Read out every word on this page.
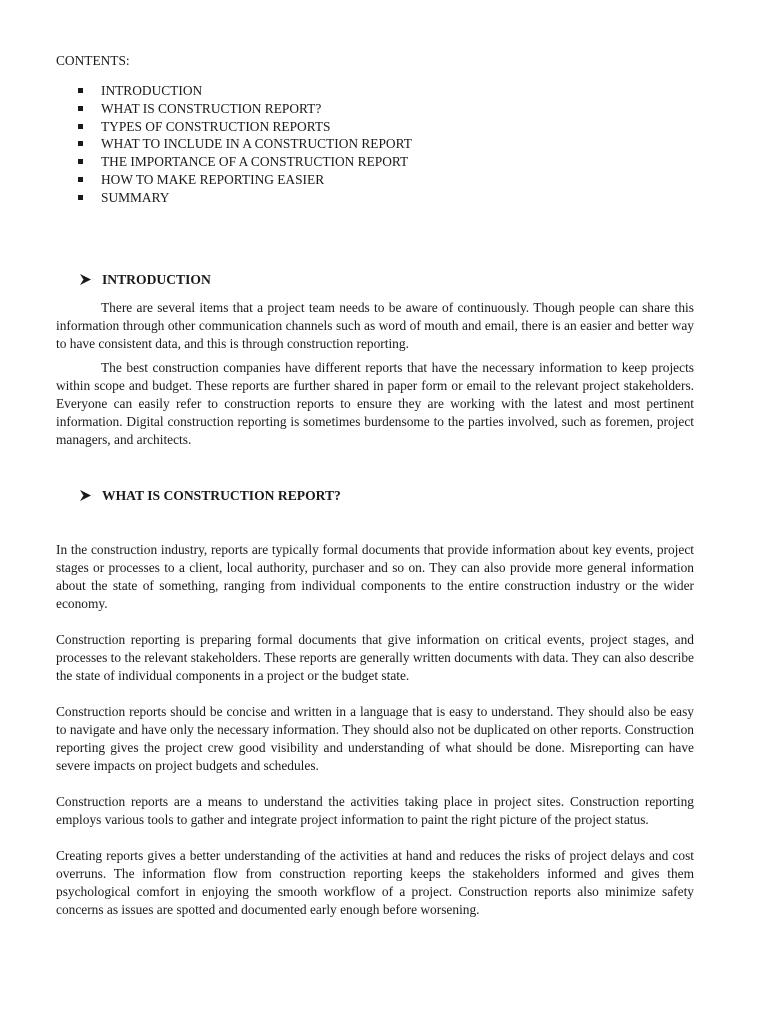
CONTENTS:
INTRODUCTION
WHAT IS CONSTRUCTION REPORT?
TYPES OF CONSTRUCTION REPORTS
WHAT TO INCLUDE IN A CONSTRUCTION REPORT
THE IMPORTANCE OF A CONSTRUCTION REPORT
HOW TO MAKE REPORTING EASIER
SUMMARY
INTRODUCTION

There are several items that a project team needs to be aware of continuously. Though people can share this information through other communication channels such as word of mouth and email, there is an easier and better way to have consistent data, and this is through construction reporting.

The best construction companies have different reports that have the necessary information to keep projects within scope and budget. These reports are further shared in paper form or email to the relevant project stakeholders. Everyone can easily refer to construction reports to ensure they are working with the latest and most pertinent information. Digital construction reporting is sometimes burdensome to the parties involved, such as foremen, project managers, and architects.

WHAT IS CONSTRUCTION REPORT?

In the construction industry, reports are typically formal documents that provide information about key events, project stages or processes to a client, local authority, purchaser and so on. They can also provide more general information about the state of something, ranging from individual components to the entire construction industry or the wider economy.

Construction reporting is preparing formal documents that give information on critical events, project stages, and processes to the relevant stakeholders. These reports are generally written documents with data. They can also describe the state of individual components in a project or the budget state.

Construction reports should be concise and written in a language that is easy to understand. They should also be easy to navigate and have only the necessary information. They should also not be duplicated on other reports. Construction reporting gives the project crew good visibility and understanding of what should be done. Misreporting can have severe impacts on project budgets and schedules.

Construction reports are a means to understand the activities taking place in project sites. Construction reporting employs various tools to gather and integrate project information to paint the right picture of the project status.

Creating reports gives a better understanding of the activities at hand and reduces the risks of project delays and cost overruns. The information flow from construction reporting keeps the stakeholders informed and gives them psychological comfort in enjoying the smooth workflow of a project. Construction reports also minimize safety concerns as issues are spotted and documented early enough before worsening.
